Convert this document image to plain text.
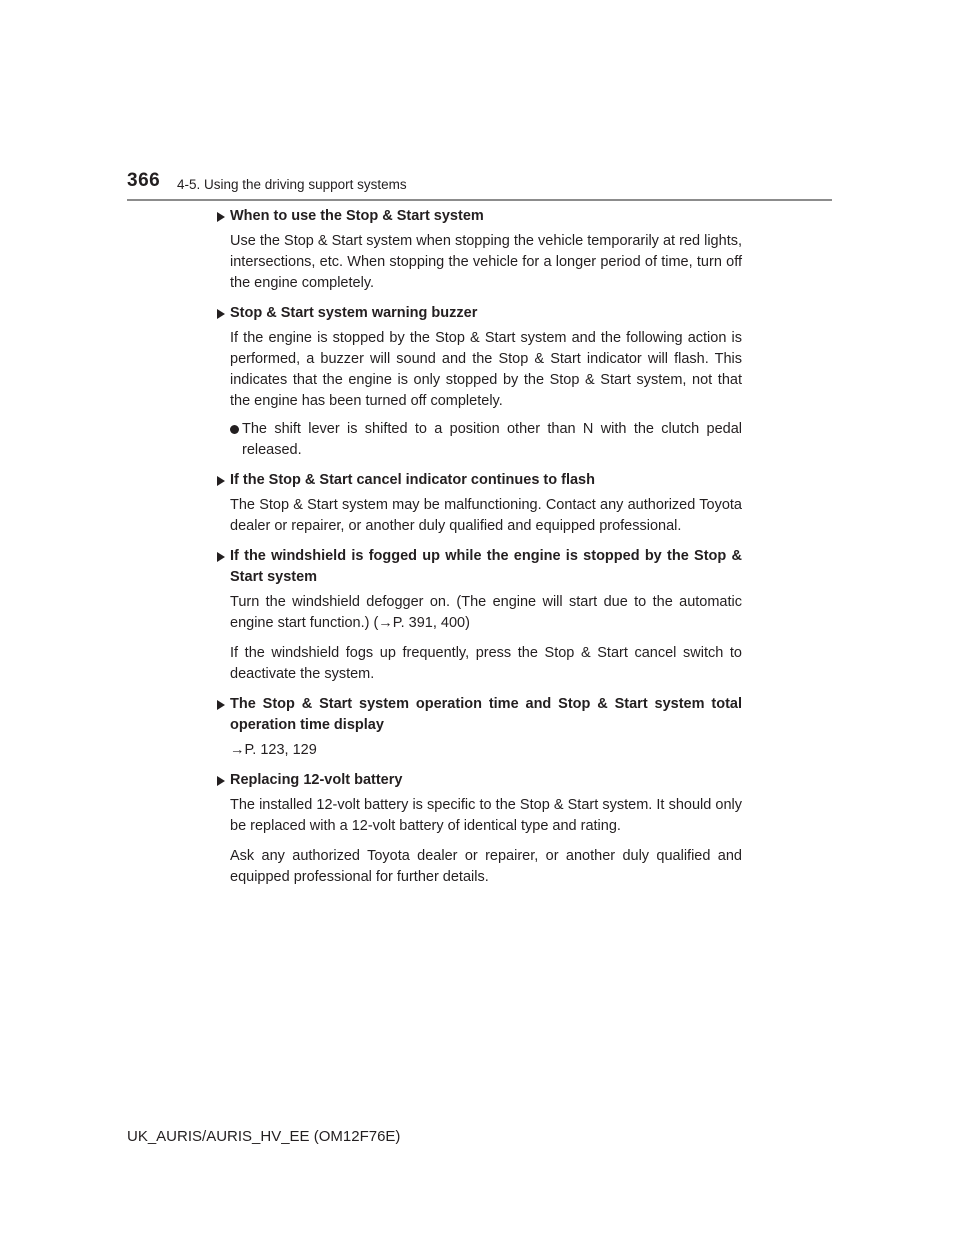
366 4-5. Using the driving support systems
When to use the Stop & Start system
Use the Stop & Start system when stopping the vehicle temporarily at red lights, intersections, etc. When stopping the vehicle for a longer period of time, turn off the engine completely.
Stop & Start system warning buzzer
If the engine is stopped by the Stop & Start system and the following action is performed, a buzzer will sound and the Stop & Start indicator will flash. This indicates that the engine is only stopped by the Stop & Start system, not that the engine has been turned off completely.
The shift lever is shifted to a position other than N with the clutch pedal released.
If the Stop & Start cancel indicator continues to flash
The Stop & Start system may be malfunctioning. Contact any authorized Toyota dealer or repairer, or another duly qualified and equipped professional.
If the windshield is fogged up while the engine is stopped by the Stop & Start system
Turn the windshield defogger on. (The engine will start due to the automatic engine start function.) (→P. 391, 400)
If the windshield fogs up frequently, press the Stop & Start cancel switch to deactivate the system.
The Stop & Start system operation time and Stop & Start system total operation time display
→P. 123, 129
Replacing 12-volt battery
The installed 12-volt battery is specific to the Stop & Start system. It should only be replaced with a 12-volt battery of identical type and rating.
Ask any authorized Toyota dealer or repairer, or another duly qualified and equipped professional for further details.
UK_AURIS/AURIS_HV_EE (OM12F76E)
